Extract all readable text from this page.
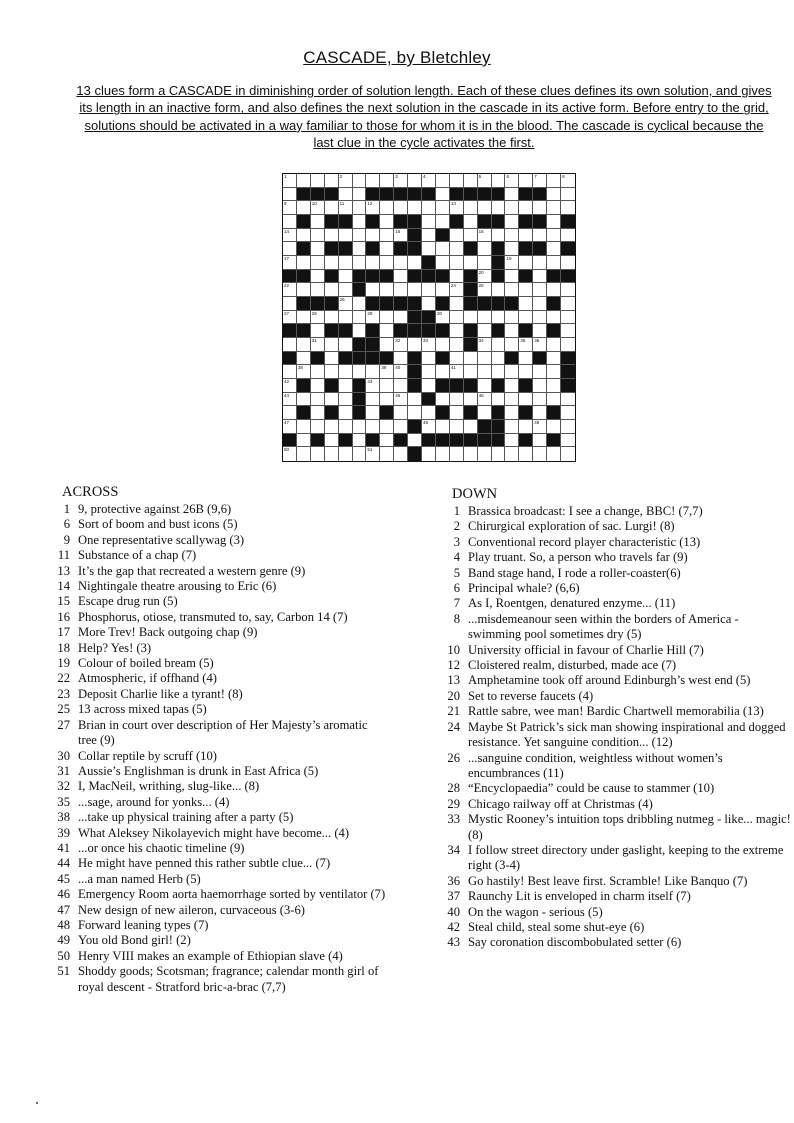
CASCADE, by Bletchley
13 clues form a CASCADE in diminishing order of solution length. Each of these clues defines its own solution, and gives
its length in an inactive form, and also defines the next solution in the cascade in its active form. Before entry to the grid,
solutions should be activated in a way familiar to those for whom it is in the blood. The cascade is cyclical because the
last clue in the cycle activates the first.
1	2	3	4	5	6	7	8
9	10	11	12	13
14	15	16
17	18	19
20	21
22	23	24	25
26
27	28	29	30
31	32	33	34	35 36
37
38	39 40	41
42	43
44	45	46
47	48	49
50	51
ACROSS
1 9, protective against 26B (9,6)
6 Sort of boom and bust icons (5)
9 One representative scallywag (3)
11 Substance of a chap (7)
13 It’s the gap that recreated a western genre (9)
14 Nightingale theatre arousing to Eric (6)
15 Escape drug run (5)
16 Phosphorus, otiose, transmuted to, say, Carbon 14 (7)
17 More Trev! Back outgoing chap (9)
18 Help? Yes! (3)
19 Colour of boiled bream (5)
22 Atmospheric, if offhand (4)
23 Deposit Charlie like a tyrant! (8)
25 13 across mixed tapas (5)
27 Brian in court over description of Her Majesty’s aromatic tree (9)
30 Collar reptile by scruff (10)
31 Aussie’s Englishman is drunk in East Africa (5)
32 I, MacNeil, writhing, slug-like... (8)
35 ...sage, around for yonks... (4)
38 ...take up physical training after a party (5)
39 What Aleksey Nikolayevich might have become... (4)
41 ...or once his chaotic timeline (9)
44 He might have penned this rather subtle clue... (7)
45 ...a man named Herb (5)
46 Emergency Room aorta haemorrhage sorted by ventilator (7)
47 New design of new aileron, curvaceous (3-6)
48 Forward leaning types (7)
49 You old Bond girl! (2)
50 Henry VIII makes an example of Ethiopian slave (4)
51 Shoddy goods; Scotsman; fragrance; calendar month girl of royal descent - Stratford bric-a-brac (7,7)
DOWN
1 Brassica broadcast: I see a change, BBC! (7,7)
2 Chirurgical exploration of sac. Lurgi! (8)
3 Conventional record player characteristic (13)
4 Play truant. So, a person who travels far (9)
5 Band stage hand, I rode a roller-coaster(6)
6 Principal whale? (6,6)
7 As I, Roentgen, denatured enzyme... (11)
8 ...misdemeanour seen within the borders of America - swimming pool sometimes dry (5)
10 University official in favour of Charlie Hill (7)
12 Cloistered realm, disturbed, made ace (7)
13 Amphetamine took off around Edinburgh’s west end (5)
20 Set to reverse faucets (4)
21 Rattle sabre, wee man! Bardic Chartwell memorabilia (13)
24 Maybe St Patrick’s sick man showing inspirational and dogged resistance. Yet sanguine condition... (12)
26 ...sanguine condition, weightless without women’s encumbrances (11)
28 “Encyclopaedia” could be cause to stammer (10)
29 Chicago railway off at Christmas (4)
33 Mystic Rooney’s intuition tops dribbling nutmeg - like... magic! (8)
34 I follow street directory under gaslight, keeping to the extreme right (3-4)
36 Go hastily! Best leave first. Scramble! Like Banquo (7)
37 Raunchy Lit is enveloped in charm itself (7)
40 On the wagon - serious (5)
42 Steal child, steal some shut-eye (6)
43 Say coronation discombobulated setter (6)
